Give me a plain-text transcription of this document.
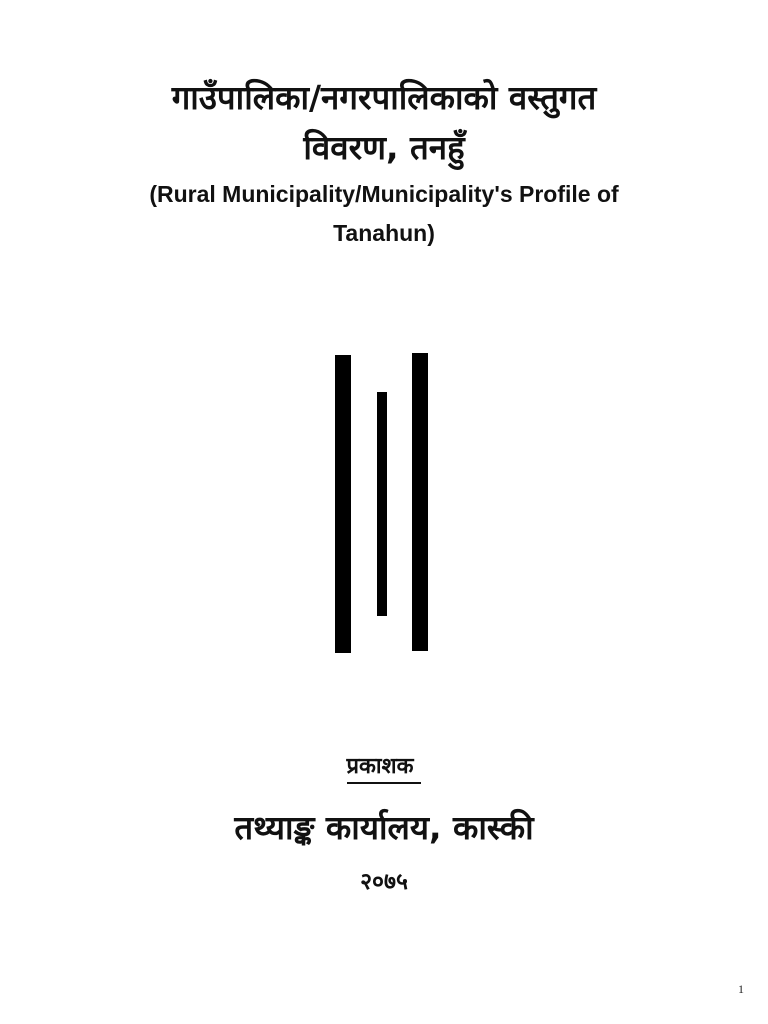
गाउँपालिका/नगरपालिकाको वस्तुगत
विवरण, तनहुँ

(Rural Municipality/Municipality's Profile of

Tanahun)

प्रकाशक

तथ्याङ्क कार्यालय, कास्की

२०७५

1
